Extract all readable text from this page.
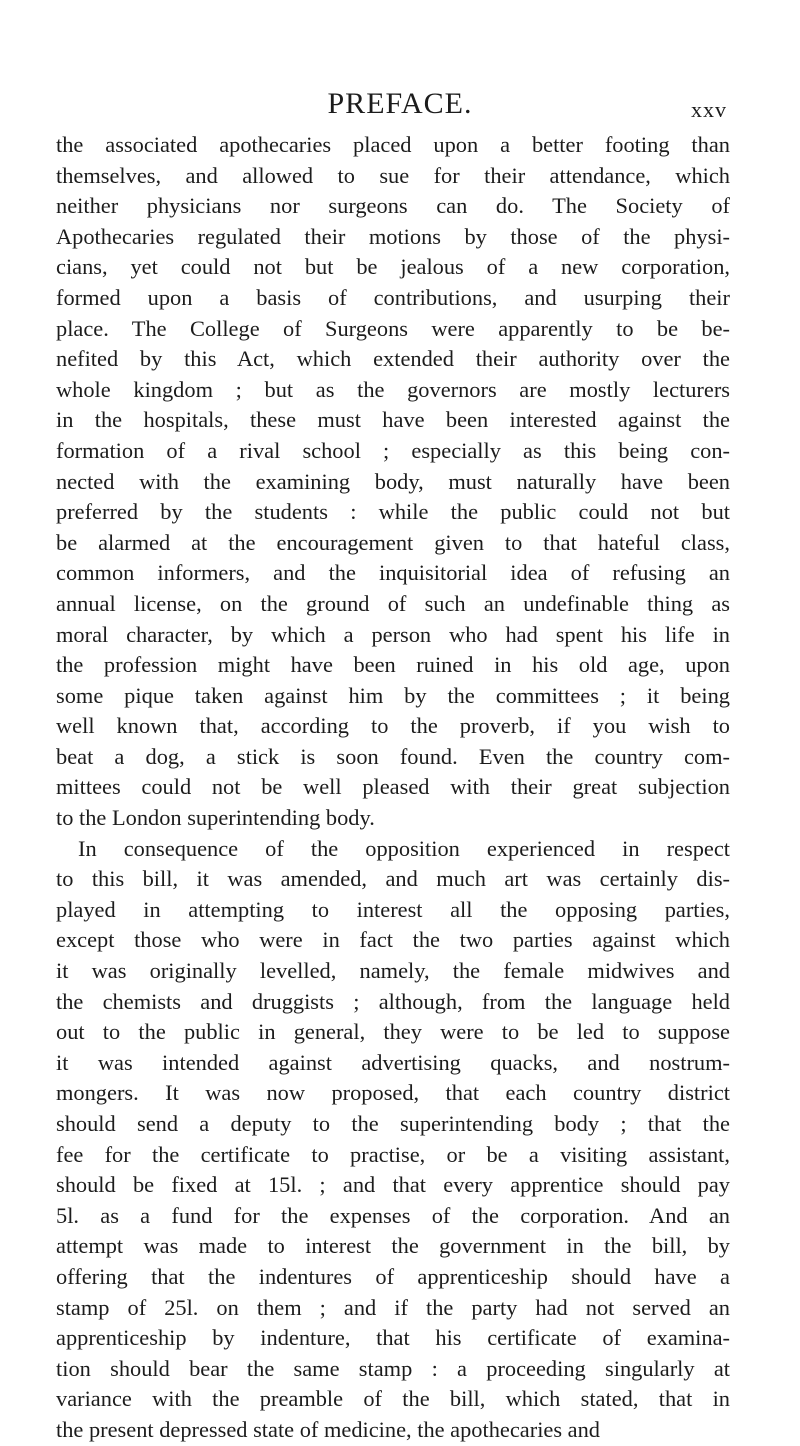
PREFACE.	xxv
the associated apothecaries placed upon a better footing than
themselves, and allowed to sue for their attendance, which
neither physicians nor surgeons can do. The Society of
Apothecaries regulated their motions by those of the physi-
cians, yet could not but be jealous of a new corporation,
formed upon a basis of contributions, and usurping their
place. The College of Surgeons were apparently to be be-
nefited by this Act, which extended their authority over the
whole kingdom ; but as the governors are mostly lecturers
in the hospitals, these must have been interested against the
formation of a rival school ; especially as this being con-
nected with the examining body, must naturally have been
preferred by the students : while the public could not but
be alarmed at the encouragement given to that hateful class,
common informers, and the inquisitorial idea of refusing an
annual license, on the ground of such an undefinable thing as
moral character, by which a person who had spent his life in
the profession might have been ruined in his old age, upon
some pique taken against him by the committees ; it being
well known that, according to the proverb, if you wish to
beat a dog, a stick is soon found. Even the country com-
mittees could not be well pleased with their great subjection
to the London superintending body.
In consequence of the opposition experienced in respect
to this bill, it was amended, and much art was certainly dis-
played in attempting to interest all the opposing parties,
except those who were in fact the two parties against which
it was originally levelled, namely, the female midwives and
the chemists and druggists ; although, from the language held
out to the public in general, they were to be led to suppose
it was intended against advertising quacks, and nostrum-
mongers. It was now proposed, that each country district
should send a deputy to the superintending body ; that the
fee for the certificate to practise, or be a visiting assistant,
should be fixed at 15l. ; and that every apprentice should pay
5l. as a fund for the expenses of the corporation. And an
attempt was made to interest the government in the bill, by
offering that the indentures of apprenticeship should have a
stamp of 25l. on them ; and if the party had not served an
apprenticeship by indenture, that his certificate of examina-
tion should bear the same stamp : a proceeding singularly at
variance with the preamble of the bill, which stated, that in
the present depressed state of medicine, the apothecaries and
